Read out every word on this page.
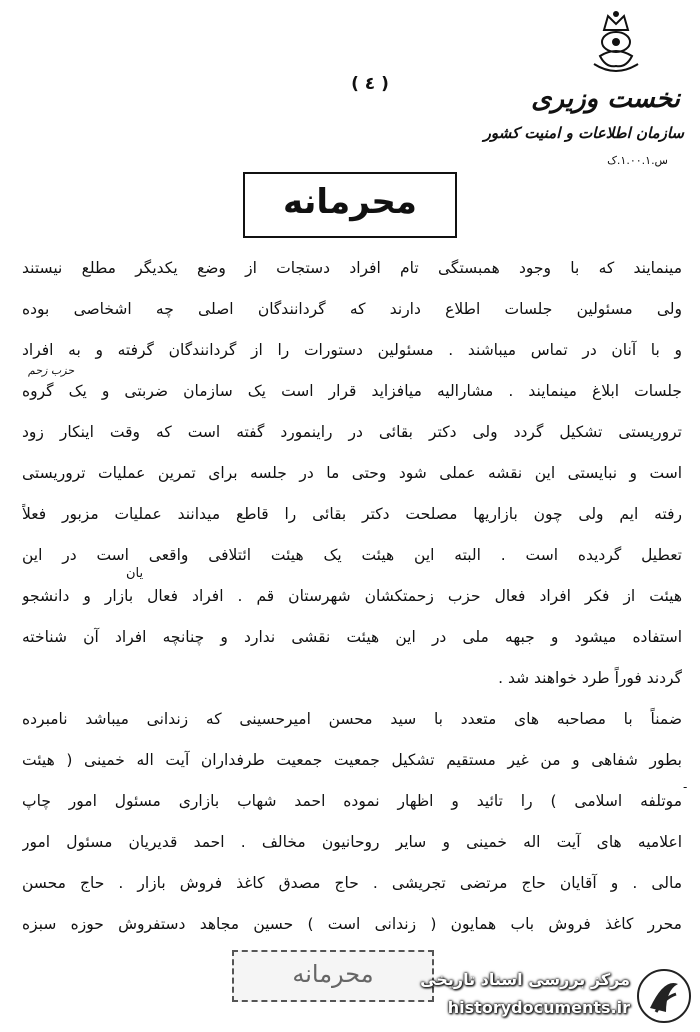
( ٤ )	نخست وزیری
سازمان اطلاعات و امنیت کشور
س.۱.۰۰.۱.ک
محرمانه
حزب زحم
یان
-
مینمایند که با وجود همبستگی تام افراد دستجات از وضع یکدیگر مطلع نیستند
ولی مسئولین جلسات اطلاع دارند که گردانندگان اصلی چه اشخاصی بوده
و با آنان در تماس میباشند . مسئولین دستورات را از گردانندگان گرفته و به افراد
جلسات ابلاغ مینمایند . مشارالیه میافزاید قرار است یک سازمان ضربتی و یک گروه
تروریستی تشکیل گردد ولی دکتر بقائی در راینمورد گفته است که وقت اینکار زود
است و نبایستی این نقشه عملی شود وحتی ما در جلسه برای تمرین عملیات تروریستی
رفته ایم ولی چون بازاریها مصلحت دکتر بقائی را قاطع میدانند عملیات مزبور فعلاً
تعطیل گردیده است . البته این هیئت یک هیئت ائتلافی واقعی است در این
هیئت از فکر افراد فعال حزب زحمتکشان شهرستان قم . افراد فعال بازار و دانشجو
استفاده میشود و جبهه ملی در این هیئت نقشی ندارد و چنانچه افراد آن شناخته
گردند فوراً طرد خواهند شد .
ضمناً با مصاحبه های متعدد با سید محسن امیرحسینی که زندانی میباشد نامبرده
بطور شفاهی و من غیر مستقیم تشکیل جمعیت جمعیت طرفداران آیت اله خمینی ( هیئت
موتلفه اسلامی ) را تائید و اظهار نموده احمد شهاب بازاری مسئول امور چاپ
اعلامیه های آیت اله خمینی و سایر روحانیون مخالف . احمد قدیریان مسئول امور
مالی . و آقایان حاج مرتضی تجریشی . حاج مصدق کاغذ فروش بازار . حاج محسن
محرر کاغذ فروش باب همایون ( زندانی است ) حسین مجاهد دستفروش حوزه سبزه
محرمانه	مرکز بررسی اسناد تاریخی
historydocuments.ir
